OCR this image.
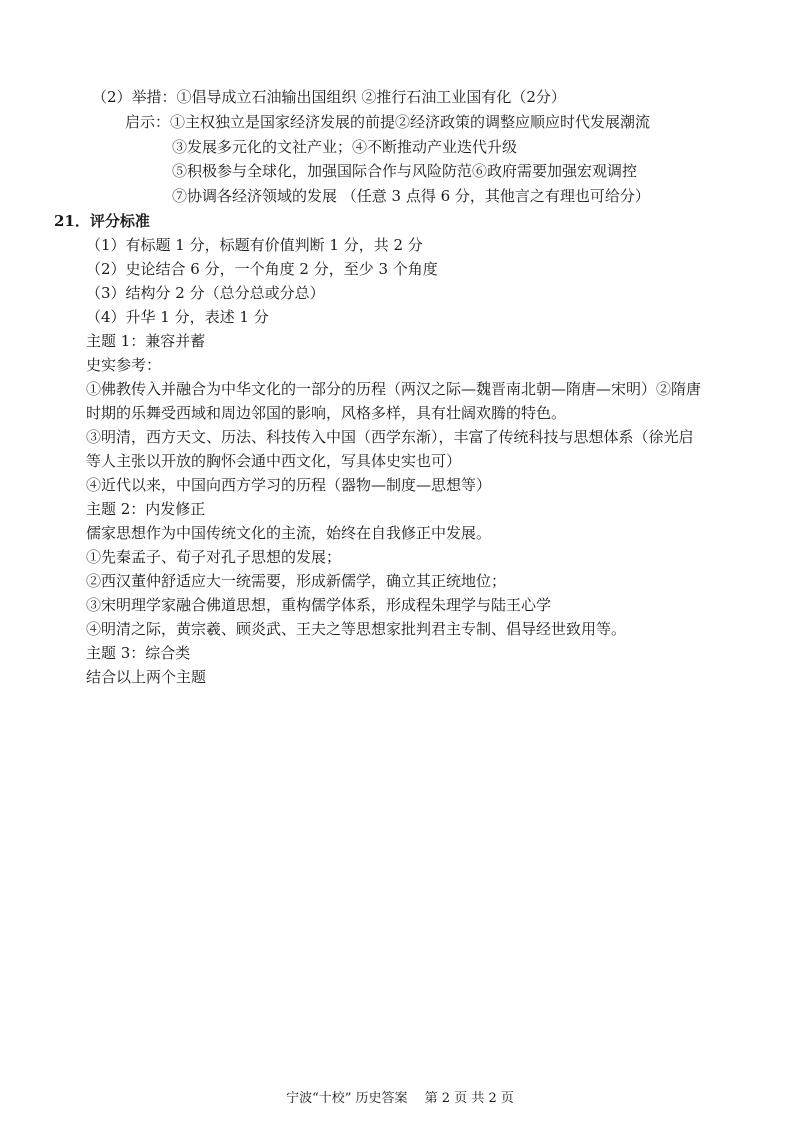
（2）举措：①倡导成立石油输出国组织 ②推行石油工业国有化（2分）
启示：①主权独立是国家经济发展的前提②经济政策的调整应顺应时代发展潮流
③发展多元化的文社产业；④不断推动产业迭代升级
⑤积极参与全球化，加强国际合作与风险防范⑥政府需要加强宏观调控
⑦协调各经济领域的发展 （任意 3 点得 6 分，其他言之有理也可给分）
21．评分标准
（1）有标题 1 分，标题有价值判断 1 分，共 2 分
（2）史论结合 6 分，一个角度 2 分，至少 3 个角度
（3）结构分 2 分（总分总或分总）
（4）升华 1 分，表述 1 分
主题 1：兼容并蓄
史实参考：
①佛教传入并融合为中华文化的一部分的历程（两汉之际—魏晋南北朝—隋唐—宋明）②隋唐
时期的乐舞受西域和周边邻国的影响，风格多样，具有壮阔欢腾的特色。
③明清，西方天文、历法、科技传入中国（西学东渐），丰富了传统科技与思想体系（徐光启
等人主张以开放的胸怀会通中西文化，写具体史实也可）
④近代以来，中国向西方学习的历程（器物—制度—思想等）
主题 2：内发修正
儒家思想作为中国传统文化的主流，始终在自我修正中发展。
①先秦孟子、荀子对孔子思想的发展；
②西汉董仲舒适应大一统需要，形成新儒学，确立其正统地位；
③宋明理学家融合佛道思想，重构儒学体系，形成程朱理学与陆王心学
④明清之际，黄宗羲、顾炎武、王夫之等思想家批判君主专制、倡导经世致用等。
主题 3：综合类
结合以上两个主题
宁波“十校” 历史答案　 第 2 页 共 2 页
